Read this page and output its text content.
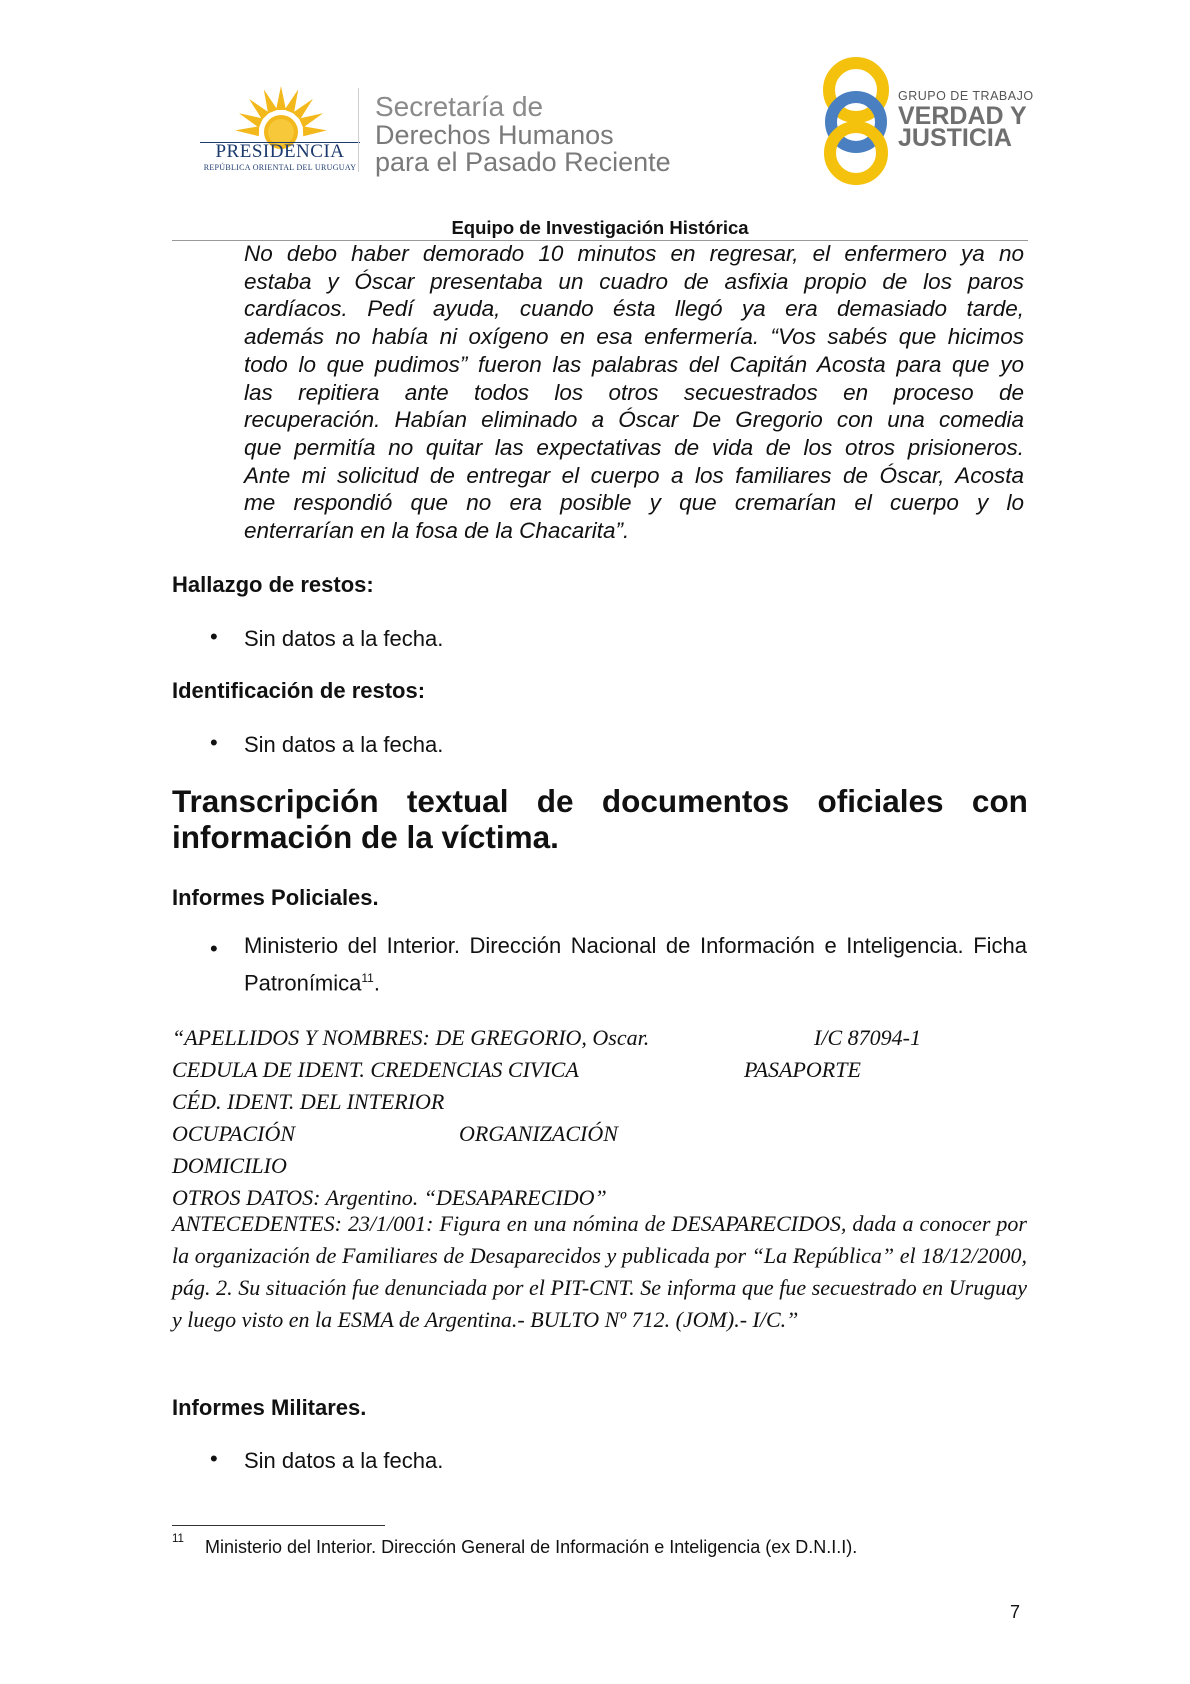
PRESIDENCIA
REPÚBLICA ORIENTAL DEL URUGUAY
Secretaría de
Derechos Humanos
para el Pasado Reciente
GRUPO DE TRABAJO
VERDAD Y
JUSTICIA
Equipo de Investigación Histórica
No debo haber demorado 10 minutos en regresar, el enfermero ya no
estaba y Óscar presentaba un cuadro de asfixia propio de los paros
cardíacos. Pedí ayuda, cuando ésta llegó ya era demasiado tarde,
además no había ni oxígeno en esa enfermería. “Vos sabés que hicimos
todo lo que pudimos” fueron las palabras del Capitán Acosta para que yo
las repitiera ante todos los otros secuestrados en proceso de
recuperación. Habían eliminado a Óscar De Gregorio con una comedia
que permitía no quitar las expectativas de vida de los otros prisioneros.
Ante mi solicitud de entregar el cuerpo a los familiares de Óscar, Acosta
me respondió que no era posible y que cremarían el cuerpo y lo
enterrarían en la fosa de la Chacarita”.
Hallazgo de restos:
• Sin datos a la fecha.
Identificación de restos:
• Sin datos a la fecha.
Transcripción textual de documentos oficiales con
información de la víctima.
Informes Policiales.
• Ministerio del Interior. Dirección Nacional de Información e Inteligencia. Ficha Patronímica$^{11}$.
“APELLIDOS Y NOMBRES: DE GREGORIO, Oscar.	I/C 87094-1
CEDULA DE IDENT. CREDENCIAS CIVICA	PASAPORTE
CÉD. IDENT. DEL INTERIOR
OCUPACIÓN	ORGANIZACIÓN
DOMICILIO
OTROS DATOS: Argentino. “DESAPARECIDO”
ANTECEDENTES: 23/1/001: Figura en una nómina de DESAPARECIDOS, dada a conocer por la organización de Familiares de Desaparecidos y publicada por “La República” el 18/12/2000, pág. 2. Su situación fue denunciada por el PIT-CNT. Se informa que fue secuestrado en Uruguay y luego visto en la ESMA de Argentina.- BULTO Nº 712. (JOM).- I/C.”
Informes Militares.
• Sin datos a la fecha.
11 Ministerio del Interior. Dirección General de Información e Inteligencia (ex D.N.I.I).
7
